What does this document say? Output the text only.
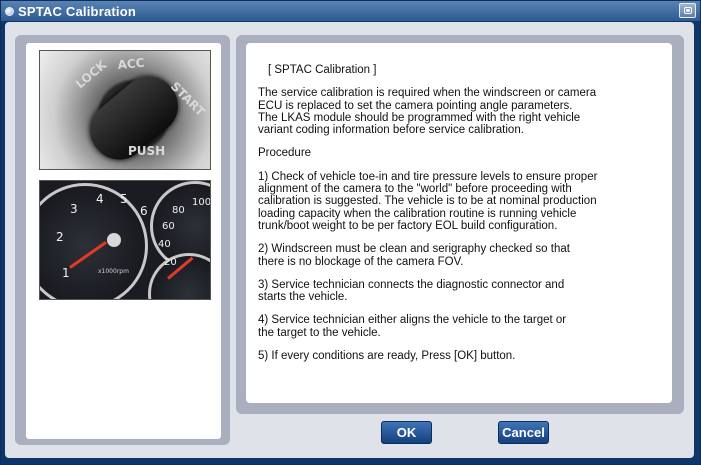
SPTAC Calibration
LOCK ACC
START
PUSH
1
2
3
4 5
6
x1000rpm
80
100
60
40
20

[ SPTAC Calibration ]

The service calibration is required when the windscreen or camera
ECU is replaced to set the camera pointing angle parameters.
The LKAS module should be programmed with the right vehicle
variant coding information before service calibration.

Procedure

1) Check of vehicle toe-in and tire pressure levels to ensure proper
alignment of the camera to the "world" before proceeding with
calibration is suggested. The vehicle is to be at nominal production
loading capacity when the calibration routine is running vehicle
trunk/boot weight to be per factory EOL build configuration.

2) Windscreen must be clean and serigraphy checked so that
there is no blockage of the camera FOV.

3) Service technician connects the diagnostic connector and
starts the vehicle.

4) Service technician either aligns the vehicle to the target or
the target to the vehicle.

5) If every conditions are ready, Press [OK] button.

OK	Cancel
